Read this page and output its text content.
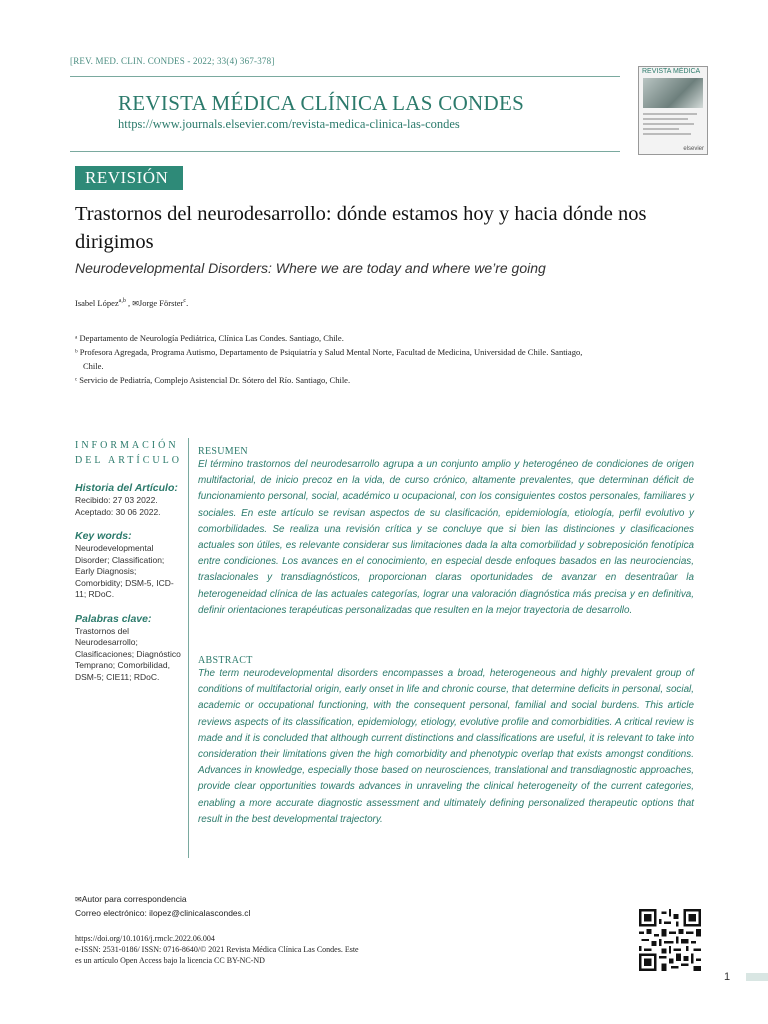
[REV. MED. CLIN. CONDES - 2022; 33(4) 367-378]
REVISTA MÉDICA CLÍNICA LAS CONDES
https://www.journals.elsevier.com/revista-medica-clinica-las-condes
REVISTA MÉDICA
elsevier
REVISIÓN
Trastornos del neurodesarrollo: dónde estamos hoy y hacia dónde nos dirigimos
Neurodevelopmental Disorders: Where we are today and where we’re going
Isabel López$^{a,b}$ , ✉Jorge Förster$^c$.
ᵃ Departamento de Neurología Pediátrica, Clínica Las Condes. Santiago, Chile.
ᵇ Profesora Agregada, Programa Autismo, Departamento de Psiquiatría y Salud Mental Norte, Facultad de Medicina, Universidad de Chile. Santiago,
Chile.
ᶜ Servicio de Pediatría, Complejo Asistencial Dr. Sótero del Río. Santiago, Chile.
INFORMACIÓN
DEL ARTÍCULO
Historia del Artículo:
Recibido: 27 03 2022.
Aceptado: 30 06 2022.
Key words:
Neurodevelopmental Disorder; Classification; Early Diagnosis; Comorbidity; DSM-5, ICD-11; RDoC.
Palabras clave:
Trastornos del Neurodesarrollo; Clasificaciones; Diagnóstico Temprano; Comorbilidad, DSM-5; CIE11; RDoC.
RESUMEN
El término trastornos del neurodesarrollo agrupa a un conjunto amplio y heterogéneo de condiciones de origen multifactorial, de inicio precoz en la vida, de curso crónico, altamente prevalentes, que determinan déficit de funcionamiento personal, social, académico u ocupacional, con los consiguientes costos personales, familiares y sociales. En este artículo se revisan aspectos de su clasificación, epidemiología, etiología, perfil evolutivo y comorbilidades. Se realiza una revisión crítica y se concluye que si bien las distinciones y clasificaciones actuales son útiles, es relevante considerar sus limitaciones dada la alta comorbilidad y sobreposición fenotípica entre condiciones. Los avances en el conocimiento, en especial desde enfoques basados en las neurociencias, traslacionales y transdiagnósticos, proporcionan claras oportunidades de avanzar en desentraûar la heterogeneidad clínica de las actuales categorías, lograr una valoración diagnóstica más precisa y en definitiva, definir orientaciones terapéuticas personalizadas que resulten en la mejor trayectoria de desarrollo.
ABSTRACT
The term neurodevelopmental disorders encompasses a broad, heterogeneous and highly prevalent group of conditions of multifactorial origin, early onset in life and chronic course, that determine deficits in personal, social, academic or occupational functioning, with the consequent personal, familial and social burdens. This article reviews aspects of its classification, epidemiology, etiology, evolutive profile and comorbidities. A critical review is made and it is concluded that although current distinctions and classifications are useful, it is relevant to take into consideration their limitations given the high comorbidity and phenotypic overlap that exists amongst conditions. Advances in knowledge, especially those based on neurosciences, translational and transdiagnostic approaches, provide clear opportunities towards advances in unraveling the clinical heterogeneity of the current categories, enabling a more accurate diagnostic assessment and ultimately defining personalized therapeutic options that result in the best developmental trajectory.
✉Autor para correspondencia
Correo electrónico: ilopez@clinicalascondes.cl
https://doi.org/10.1016/j.rmclc.2022.06.004
e-ISSN: 2531-0186/ ISSN: 0716-8640/© 2021 Revista Médica Clínica Las Condes. Este
es un artículo Open Access bajo la licencia CC BY-NC-ND
1
